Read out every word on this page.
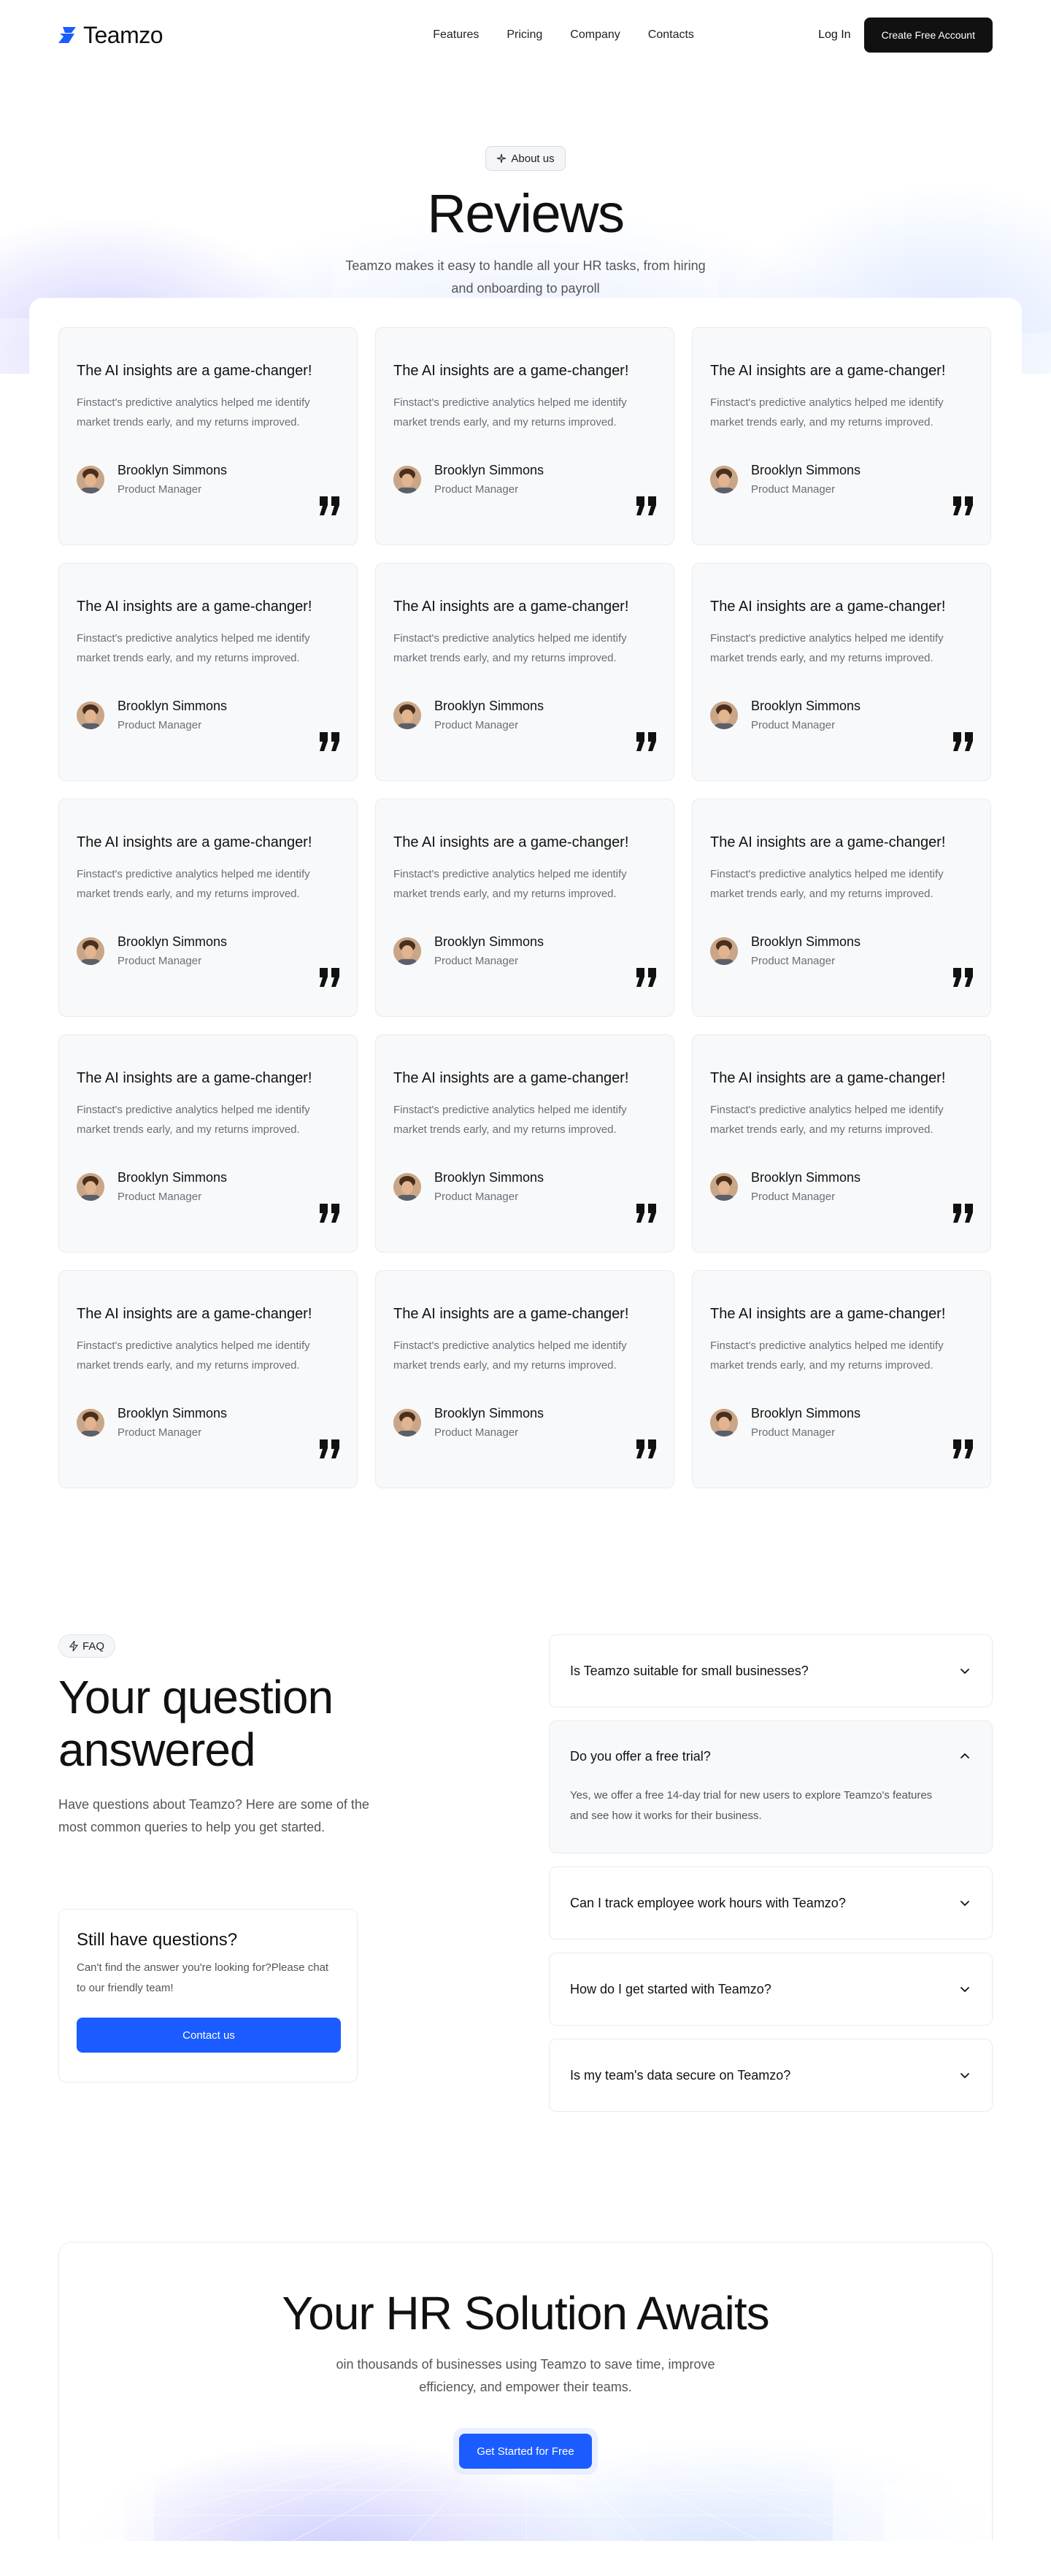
Teamzo	Features Pricing Company Contacts	Log In	Create Free Account
About us
Reviews

Teamzo makes it easy to handle all your HR tasks, from hiring and onboarding to payroll

The AI insights are a game-changer!

Finstact's predictive analytics helped me identify market trends early, and my returns improved.

Brooklyn Simmons
Product Manager
The AI insights are a game-changer!

Finstact's predictive analytics helped me identify market trends early, and my returns improved.

Brooklyn Simmons
Product Manager
The AI insights are a game-changer!

Finstact's predictive analytics helped me identify market trends early, and my returns improved.

Brooklyn Simmons
Product Manager
The AI insights are a game-changer!

Finstact's predictive analytics helped me identify market trends early, and my returns improved.

Brooklyn Simmons
Product Manager
The AI insights are a game-changer!

Finstact's predictive analytics helped me identify market trends early, and my returns improved.

Brooklyn Simmons
Product Manager
The AI insights are a game-changer!

Finstact's predictive analytics helped me identify market trends early, and my returns improved.

Brooklyn Simmons
Product Manager
The AI insights are a game-changer!

Finstact's predictive analytics helped me identify market trends early, and my returns improved.

Brooklyn Simmons
Product Manager
The AI insights are a game-changer!

Finstact's predictive analytics helped me identify market trends early, and my returns improved.

Brooklyn Simmons
Product Manager
The AI insights are a game-changer!

Finstact's predictive analytics helped me identify market trends early, and my returns improved.

Brooklyn Simmons
Product Manager
The AI insights are a game-changer!

Finstact's predictive analytics helped me identify market trends early, and my returns improved.

Brooklyn Simmons
Product Manager
The AI insights are a game-changer!

Finstact's predictive analytics helped me identify market trends early, and my returns improved.

Brooklyn Simmons
Product Manager
The AI insights are a game-changer!

Finstact's predictive analytics helped me identify market trends early, and my returns improved.

Brooklyn Simmons
Product Manager
The AI insights are a game-changer!

Finstact's predictive analytics helped me identify market trends early, and my returns improved.

Brooklyn Simmons
Product Manager
The AI insights are a game-changer!

Finstact's predictive analytics helped me identify market trends early, and my returns improved.

Brooklyn Simmons
Product Manager
The AI insights are a game-changer!

Finstact's predictive analytics helped me identify market trends early, and my returns improved.

Brooklyn Simmons
Product Manager
FAQ
Your question
answered

Have questions about Teamzo? Here are some of the most common queries to help you get started.

Still have questions?

Can't find the answer you're looking for?Please chat to our friendly team!

Contact us
Is Teamzo suitable for small businesses?
Do you offer a free trial?

Yes, we offer a free 14-day trial for new users to explore Teamzo's features and see how it works for their business.

Can I track employee work hours with Teamzo?
How do I get started with Teamzo?
Is my team's data secure on Teamzo?
Your HR Solution Awaits

oin thousands of businesses using Teamzo to save time, improve efficiency, and empower their teams.

Get Started for Free
